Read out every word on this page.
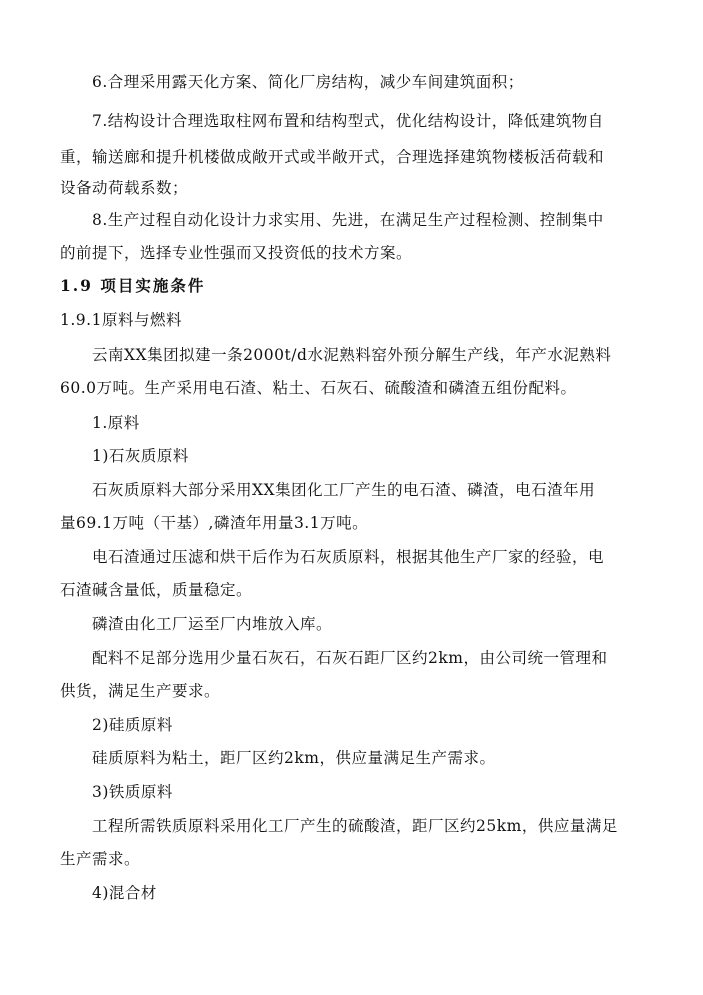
6.合理采用露天化方案、简化厂房结构，减少车间建筑面积；
7.结构设计合理选取柱网布置和结构型式，优化结构设计，降低建筑物自
重，输送廊和提升机楼做成敞开式或半敞开式，合理选择建筑物楼板活荷载和
设备动荷载系数；
8.生产过程自动化设计力求实用、先进，在满足生产过程检测、控制集中
的前提下，选择专业性强而又投资低的技术方案。
1.9 项目实施条件
1.9.1原料与燃料
云南XX集团拟建一条2000t/d水泥熟料窑外预分解生产线，年产水泥熟料
60.0万吨。生产采用电石渣、粘土、石灰石、硫酸渣和磷渣五组份配料。
1.原料
1)石灰质原料
石灰质原料大部分采用XX集团化工厂产生的电石渣、磷渣，电石渣年用
量69.1万吨（干基）,磷渣年用量3.1万吨。
电石渣通过压滤和烘干后作为石灰质原料，根据其他生产厂家的经验，电
石渣碱含量低，质量稳定。
磷渣由化工厂运至厂内堆放入库。
配料不足部分选用少量石灰石，石灰石距厂区约2km，由公司统一管理和
供货，满足生产要求。
2)硅质原料
硅质原料为粘土，距厂区约2km，供应量满足生产需求。
3)铁质原料
工程所需铁质原料采用化工厂产生的硫酸渣，距厂区约25km，供应量满足
生产需求。
4)混合材
